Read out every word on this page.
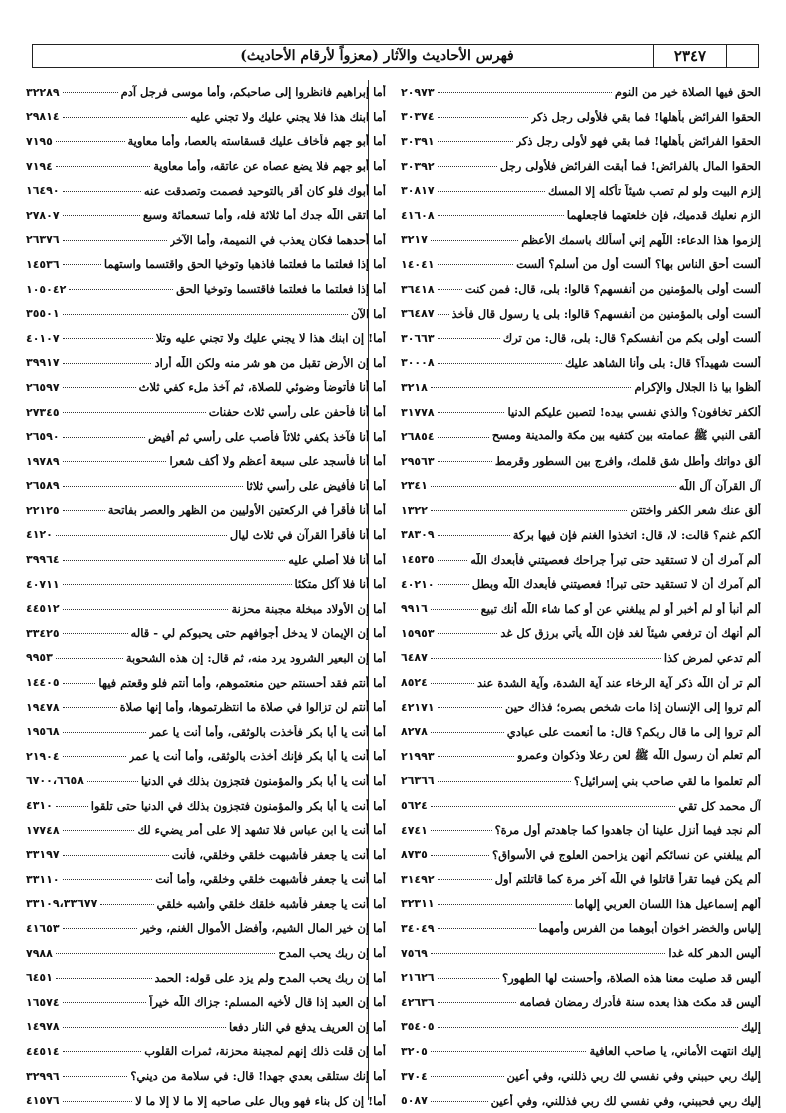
٢٣٤٧
فهرس الأحاديث والآثار (معزواً لأرقام الأحاديث)
٢٠٩٧٣	الحق فيها الصلاة خير من النوم
٣٠٣٧٤	الحقوا الفرائض بأهلها! فما بقي فلأولى رجل ذكر
٣٠٣٩١	الحقوا الفرائض بأهلها! فما بقي فهو لأولى رجل ذكر
٣٠٣٩٢	الحقوا المال بالفرائض! فما أبقت الفرائض فلأولى رجل
٣٠٨١٧	إلزم البيت ولو لم تصب شيئاً تأكله إلا المسك
٤١٦٠٨	الزم نعليك قدميك، فإن خلعتهما فاجعلهما
٣٢١٧	إلزموا هذا الدعاء: اللّهم إني أسألك باسمك الأعظم
١٤٠٤١	ألست أحق الناس بها؟ ألست أول من أسلم؟ ألست
٣٦٤١٨	ألست أولى بالمؤمنين من أنفسهم؟ قالوا: بلى، قال: فمن كنت
٣٦٤٨٧ ألست أولى بالمؤمنين من أنفسهم؟ قالوا: بلى يا رسول قال فأخذ
٣٠٦٦٣	ألست أولى بكم من أنفسكم؟ قال: بلى، قال: من ترك
٣٠٠٠٨	ألست شهيداً؟ قال: بلى وأنا الشاهد عليك
٣٢١٨	ألظوا بيا ذا الجلال والإكرام
٣١٧٧٨	ألكفر تخافون؟ والذي نفسي بيده! لتصبن عليكم الدنيا
٢٦٨٥٤	ألقى النبي ﷺ عمامته بين كتفيه بين مكة والمدينة ومسح
٢٩٥٦٣	ألق دواتك وأطل شق قلمك، وافرج بين السطور وقرمط
٢٣٤١	آل القرآن آل اللّٰه
١٣٢٢	ألق عنك شعر الكفر واختتن
٣٨٣٠٩	ألكم غنم؟ قالت: لا، قال: اتخذوا الغنم فإن فيها بركة
١٤٥٣٥	ألم آمرك أن لا تستقيد حتى تبرأ جراحك فعصيتني فأبعدك اللّٰه
٤٠٢١٠	ألم آمرك أن لا تستقيد حتى تبرأ! فعصيتني فأبعدك اللّٰه وبطل
٩٩١٦	ألم أنبأ أو لم أخبر أو لم يبلغني عن أو كما شاء اللّٰه أنك تبيع
١٥٩٥٣	ألم أنهك أن ترفعي شيئاً لغد فإن اللّٰه يأتي برزق كل غد
٦٤٨٧	ألم تدعي لمرض كذا
٨٥٢٤	ألم تر أن اللّٰه ذكر آية الرخاء عند آية الشدة، وآية الشدة عند
٤٢١٧١	ألم تروا إلى الإنسان إذا مات شخص بصره؛ فذاك حين
٨٢٧٨	ألم تروا إلى ما قال ربكم؟ قال: ما أنعمت على عبادي
٢١٩٩٣	ألم تعلم أن رسول اللّٰه ﷺ لعن رعلا وذكوان وعمرو
٢٦٣٦٦	ألم تعلموا ما لقي صاحب بني إسرائيل؟
٥٦٢٤	آل محمد كل تقي
٤٧٤١	ألم نجد فيما أنزل علينا أن جاهدوا كما جاهدتم أول مرة؟
٨٧٣٥	ألم يبلغني عن نسائكم أنهن يزاحمن العلوج في الأسواق؟
٣١٤٩٢	ألم يكن فيما تقرأ قاتلوا في اللّٰه آخر مرة كما قاتلتم أول
٣٢٣١١	ألهم إسماعيل هذا اللسان العربي إلهاما
٣٤٠٤٩	إلياس والخضر اخوان أبوهما من الفرس وأمهما
٧٥٦٩	أليس الدهر كله غدا
٢١٦٢٦	أليس قد صليت معنا هذه الصلاة، وأحسنت لها الطهور؟
٤٢٦٣٦	أليس قد مكث هذا بعده سنة فأدرك رمضان فصامه
٣٥٤٠٥	إليك
٣٢٠٥	إليك انتهت الأماني، يا صاحب العافية
٣٧٠٤	إليك ربي حببني وفي نفسي لك ربي ذللني، وفي أعين
٥٠٨٧	إليك ربي فحببني، وفي نفسي لك ربي فذللني، وفي أعين
٣٢٢٨٩	أما إبراهيم فانظروا إلى صاحبكم، وأما موسى فرجل آدم
٢٩٨١٤	أما ابنك هذا فلا يجني عليك ولا تجني عليه
٧١٩٥	أما أبو جهم فأخاف عليك قسقاسته بالعصا، وأما معاوية
٧١٩٤	أما أبو جهم فلا يضع عصاه عن عاتقه، وأما معاوية
١٦٤٩٠	أما أبوك فلو كان أقر بالتوحيد فصمت وتصدقت عنه
٢٧٨٠٧	أما اتقى اللّٰه جدك أما ثلاثة فله، وأما تسعمائة وسبع
٢٦٣٧٦	أما أحدهما فكان يعذب في النميمة، وأما الآخر
١٤٥٣٦	أما إذا فعلتما ما فعلتما فاذهبا وتوخيا الحق واقتسما واستهما
١٠٥٠٤٢	أما إذا فعلتما ما فعلتما فاقتسما وتوخيا الحق
٣٥٥٠١	أما الآن
٤٠١٠٧	أما! إن ابنك هذا لا يجني عليك ولا تجني عليه وتلا
٣٩٩١٧	أما إن الأرض تقبل من هو شر منه ولكن اللّٰه أراد
٢٦٥٩٧	أما أنا فأتوضأ وضوئي للصلاة، ثم آخذ ملء كفي ثلاث
٢٧٣٤٥	أما أنا فأحفن على رأسي ثلاث حفنات
٢٦٥٩٠	أما أنا فآخذ بكفي ثلاثاً فأصب على رأسي ثم أفيض
١٩٧٨٩	أما أنا فأسجد على سبعة أعظم ولا أكف شعرا
٢٦٥٨٩	أما أنا فأفيض على رأسي ثلاثا
٢٢١٢٥	أما أنا فأقرأ في الركعتين الأوليين من الظهر والعصر بفاتحة
٤١٢٠	أما أنا فأقرأ القرآن في ثلاث ليال
٣٩٩٦٤	أما أنا فلا أصلي عليه
٤٠٧١١	أما أنا فلا آكل متكئا
٤٤٥١٢	أما إن الأولاد مبخلة مجبنة محزنة
٣٣٤٢٥	أما إن الإيمان لا يدخل أجوافهم حتى يحبوكم لي - قاله
٩٩٥٣	أما إن البعير الشرود يرد منه، ثم قال: إن هذه الشحوبة
١٤٤٠٥	أما أنتم فقد أحسنتم حين منعتموهم، وأما أنتم فلو وقعتم فيها
١٩٤٧٨	أما أنتم لن تزالوا في صلاة ما انتظرتموها، وأما إنها صلاة
١٩٥٦٨	أما أنت يا أبا بكر فأخذت بالوثقى، وأما أنت يا عمر
٢١٩٠٤	أما أنت يا أبا بكر فإنك أخذت بالوثقى، وأما أنت يا عمر
٦٧٠٠،٦٦٥٨	أما أنت يا أبا بكر والمؤمنون فتجزون بذلك في الدنيا
٤٣١٠	أما أنت يا أبا بكر والمؤمنون فتجزون بذلك في الدنيا حتى تلقوا
١٧٧٤٨	أما أنت يا ابن عباس فلا تشهد إلا على أمر يضيء لك
٣٣١٩٧	أما أنت يا جعفر فأشبهت خلقي وخلقي، فأنت
٣٣١١٠	أما أنت يا جعفر فأشبهت خلقي وخلقي، وأما أنت
٣٣١٠٩،٣٣٦٧٧	أما أنت يا جعفر فأشبه خلقك خلقي وأشبه خلقي
٤١٦٥٣	أما إن خير المال الشيم، وأفضل الأموال الغنم، وخير
٧٩٨٨	أما إن ربك يحب المدح
٦٤٥١	أما إن ربك يحب المدح ولم يزد على قوله: الحمد
١٦٥٧٤	أما إن العبد إذا قال لأخيه المسلم: جزاك اللّٰه خيراً
١٤٩٧٨	أما إن العريف يدفع في النار دفعا
٤٤٥١٤	أما إن قلت ذلك إنهم لمجبنة محزنة، ثمرات القلوب
٣٢٩٩٦	أما إنك ستلقى بعدي جهدا! قال: في سلامة من ديني؟
٤١٥٧٦	أما! إن كل بناء فهو وبال على صاحبه إلا ما لا إلا ما لا
